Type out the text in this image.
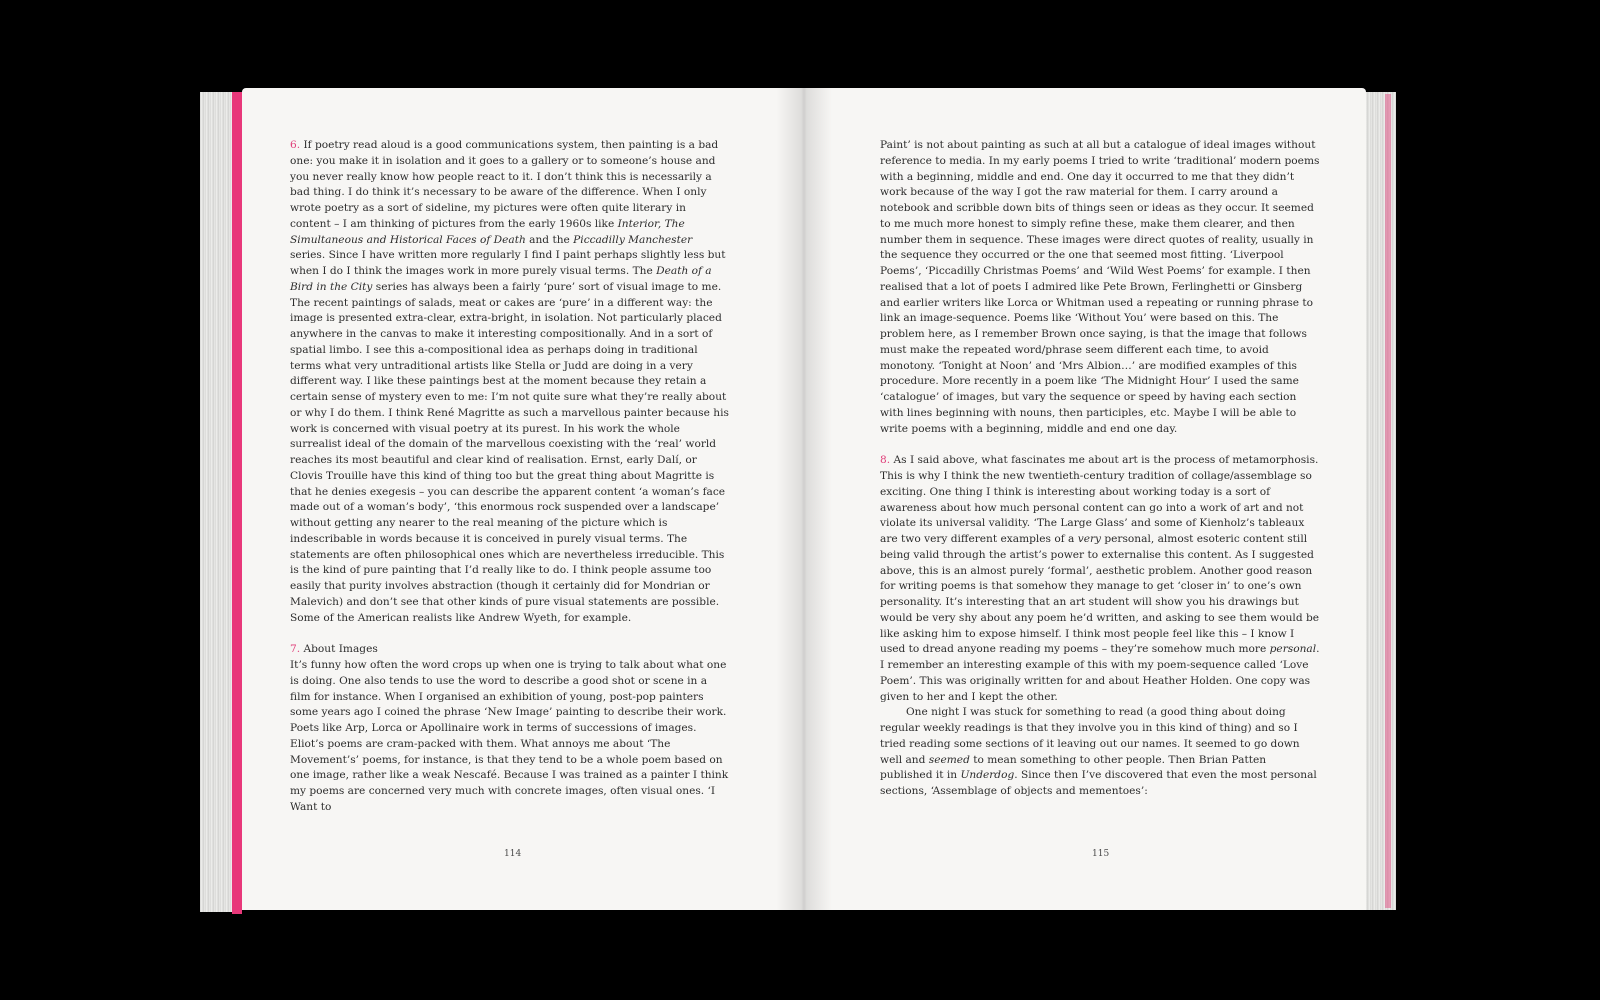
6. If poetry read aloud is a good communications system, then painting is a bad one: you make it in isolation and it goes to a gallery or to someone’s house and you never really know how people react to it. I don’t think this is necessarily a bad thing. I do think it’s necessary to be aware of the difference. When I only wrote poetry as a sort of sideline, my pictures were often quite literary in content – I am thinking of pictures from the early 1960s like Interior, The Simultaneous and Historical Faces of Death and the Piccadilly Manchester series. Since I have written more regularly I find I paint perhaps slightly less but when I do I think the images work in more purely visual terms. The Death of a Bird in the City series has always been a fairly ‘pure’ sort of visual image to me. The recent paintings of salads, meat or cakes are ‘pure’ in a different way: the image is presented extra-clear, extra-bright, in isolation. Not particularly placed anywhere in the canvas to make it interesting compositionally. And in a sort of spatial limbo. I see this a-compositional idea as perhaps doing in traditional terms what very untraditional artists like Stella or Judd are doing in a very different way. I like these paintings best at the moment because they retain a certain sense of mystery even to me: I’m not quite sure what they’re really about or why I do them. I think René Magritte as such a marvellous painter because his work is concerned with visual poetry at its purest. In his work the whole surrealist ideal of the domain of the marvellous coexisting with the ‘real’ world reaches its most beautiful and clear kind of realisation. Ernst, early Dalí, or Clovis Trouille have this kind of thing too but the great thing about Magritte is that he denies exegesis – you can describe the apparent content ‘a woman’s face made out of a woman’s body’, ‘this enormous rock suspended over a landscape’ without getting any nearer to the real meaning of the picture which is indescribable in words because it is conceived in purely visual terms. The statements are often philosophical ones which are nevertheless irreducible. This is the kind of pure painting that I’d really like to do. I think people assume too easily that purity involves abstraction (though it certainly did for Mondrian or Malevich) and don’t see that other kinds of pure visual statements are possible. Some of the American realists like Andrew Wyeth, for example.

7. About Images

It’s funny how often the word crops up when one is trying to talk about what one is doing. One also tends to use the word to describe a good shot or scene in a film for instance. When I organised an exhibition of young, post-pop painters some years ago I coined the phrase ‘New Image’ painting to describe their work. Poets like Arp, Lorca or Apollinaire work in terms of successions of images. Eliot’s poems are cram-packed with them. What annoys me about ‘The Movement’s’ poems, for instance, is that they tend to be a whole poem based on one image, rather like a weak Nescafé. Because I was trained as a painter I think my poems are concerned very much with concrete images, often visual ones. ‘I Want to

Paint’ is not about painting as such at all but a catalogue of ideal images without reference to media. In my early poems I tried to write ‘traditional’ modern poems with a beginning, middle and end. One day it occurred to me that they didn’t work because of the way I got the raw material for them. I carry around a notebook and scribble down bits of things seen or ideas as they occur. It seemed to me much more honest to simply refine these, make them clearer, and then number them in sequence. These images were direct quotes of reality, usually in the sequence they occurred or the one that seemed most fitting. ‘Liverpool Poems’, ‘Piccadilly Christmas Poems’ and ‘Wild West Poems’ for example. I then realised that a lot of poets I admired like Pete Brown, Ferlinghetti or Ginsberg and earlier writers like Lorca or Whitman used a repeating or running phrase to link an image-sequence. Poems like ‘Without You’ were based on this. The problem here, as I remember Brown once saying, is that the image that follows must make the repeated word/phrase seem different each time, to avoid monotony. ‘Tonight at Noon’ and ‘Mrs Albion…’ are modified examples of this procedure. More recently in a poem like ‘The Midnight Hour’ I used the same ‘catalogue’ of images, but vary the sequence or speed by having each section with lines beginning with nouns, then participles, etc. Maybe I will be able to write poems with a beginning, middle and end one day.

8. As I said above, what fascinates me about art is the process of metamorphosis. This is why I think the new twentieth-century tradition of collage/assemblage so exciting. One thing I think is interesting about working today is a sort of awareness about how much personal content can go into a work of art and not violate its universal validity. ‘The Large Glass’ and some of Kienholz’s tableaux are two very different examples of a very personal, almost esoteric content still being valid through the artist’s power to externalise this content. As I suggested above, this is an almost purely ‘formal’, aesthetic problem. Another good reason for writing poems is that somehow they manage to get ‘closer in’ to one’s own personality. It’s interesting that an art student will show you his drawings but would be very shy about any poem he’d written, and asking to see them would be like asking him to expose himself. I think most people feel like this – I know I used to dread anyone reading my poems – they’re somehow much more personal. I remember an interesting example of this with my poem-sequence called ‘Love Poem’. This was originally written for and about Heather Holden. One copy was given to her and I kept the other.

One night I was stuck for something to read (a good thing about doing regular weekly readings is that they involve you in this kind of thing) and so I tried reading some sections of it leaving out our names. It seemed to go down well and seemed to mean something to other people. Then Brian Patten published it in Underdog. Since then I’ve discovered that even the most personal sections, ‘Assemblage of objects and mementoes’:

114	115
